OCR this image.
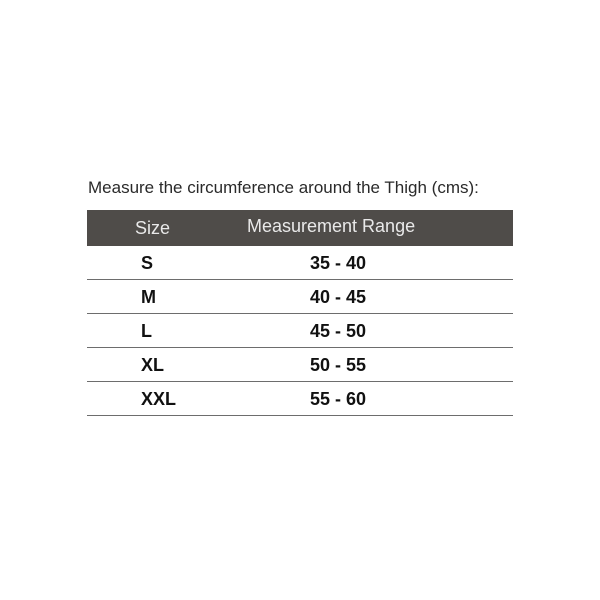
Measure the circumference around the Thigh (cms):
Size	Measurement Range
S	35 - 40
M	40 - 45
L	45 - 50
XL	50 - 55
XXL	55 - 60
